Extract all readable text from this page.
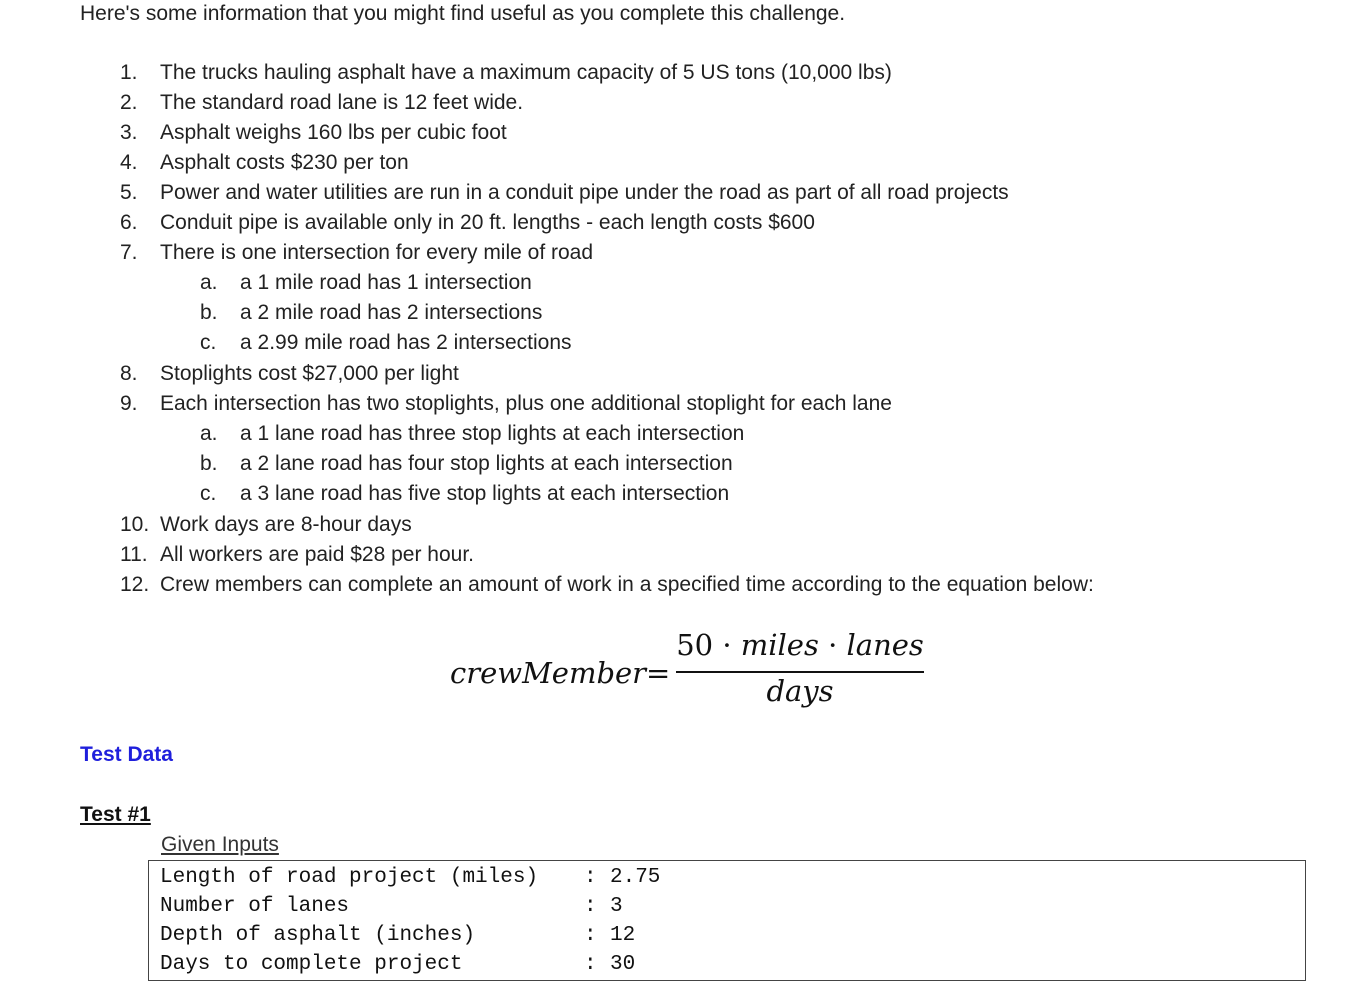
Here's some information that you might find useful as you complete this challenge.
1.	The trucks hauling asphalt have a maximum capacity of 5 US tons (10,000 lbs)
2.	The standard road lane is 12 feet wide.
3.	Asphalt weighs 160 lbs per cubic foot
4.	Asphalt costs $230 per ton
5.	Power and water utilities are run in a conduit pipe under the road as part of all road projects
6.	Conduit pipe is available only in 20 ft. lengths - each length costs $600
7.	There is one intersection for every mile of road
a.	a 1 mile road has 1 intersection
b.	a 2 mile road has 2 intersections
c.	a 2.99 mile road has 2 intersections
8.	Stoplights cost $27,000 per light
9.	Each intersection has two stoplights, plus one additional stoplight for each lane
a.	a 1 lane road has three stop lights at each intersection
b.	a 2 lane road has four stop lights at each intersection
c.	a 3 lane road has five stop lights at each intersection
10. Work days are 8-hour days
11. All workers are paid $28 per hour.
12. Crew members can complete an amount of work in a specified time according to the equation below:
crewMember =
50 · miles · lanes
days
Test Data
Test #1
Given Inputs
Length of road project (miles) : 2.75
Number of lanes	: 3
Depth of asphalt (inches)	: 12
Days to complete project	: 30
